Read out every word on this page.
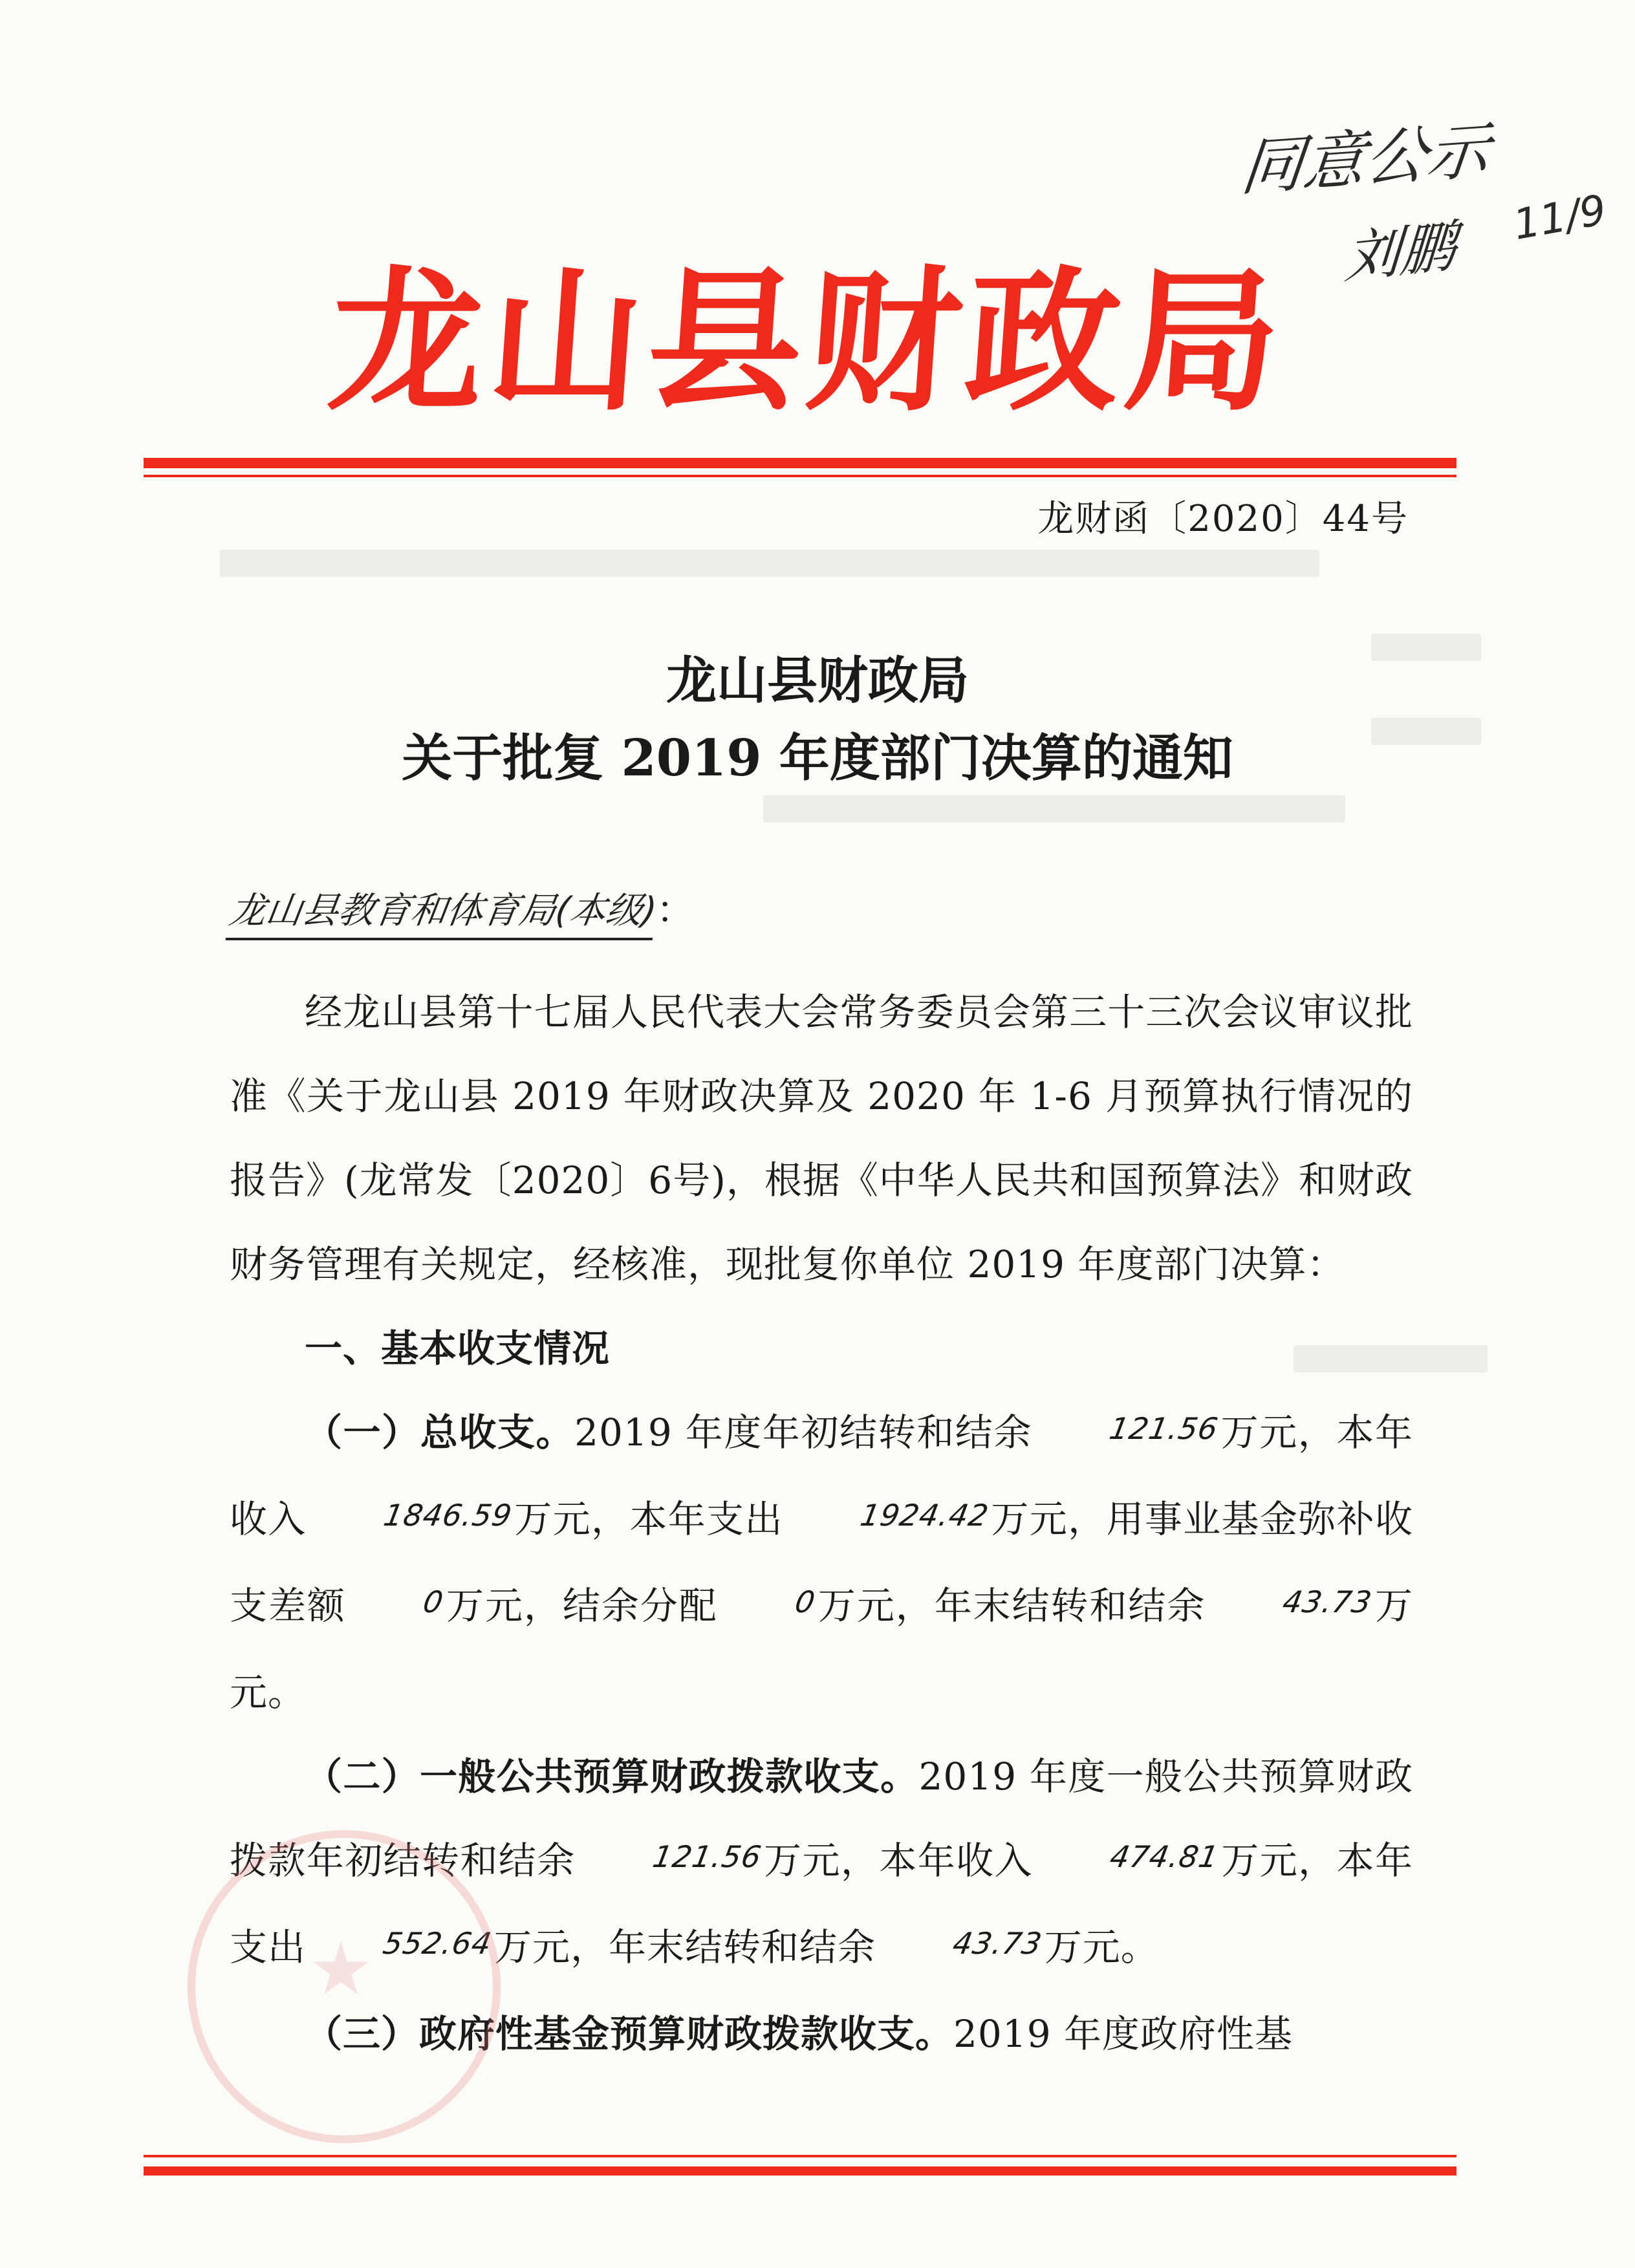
同意公示
刘鹏 11/9
龙山县财政局
龙财函〔2020〕44号
龙山县财政局
关于批复 2019 年度部门决算的通知
龙山县教育和体育局(本级)：

经龙山县第十七届人民代表大会常务委员会第三十三次会议审议批准《关于龙山县 2019 年财政决算及 2020 年 1-6 月预算执行情况的报告》(龙常发〔2020〕6号)，根据《中华人民共和国预算法》和财政财务管理有关规定，经核准，现批复你单位 2019 年度部门决算：

一、基本收支情况

（一）总收支。2019 年度年初结转和结余	121.56万元，本年收入	1846.59万元，本年支出	1924.42万元，用事业基金弥补收支差额	0万元，结余分配	0万元，年末结转和结余	43.73万元。

（二）一般公共预算财政拨款收支。2019 年度一般公共预算财政拨款年初结转和结余	121.56万元，本年收入	474.81万元，本年支出	552.64万元，年末结转和结余	43.73万元。

（三）政府性基金预算财政拨款收支。2019 年度政府性基
